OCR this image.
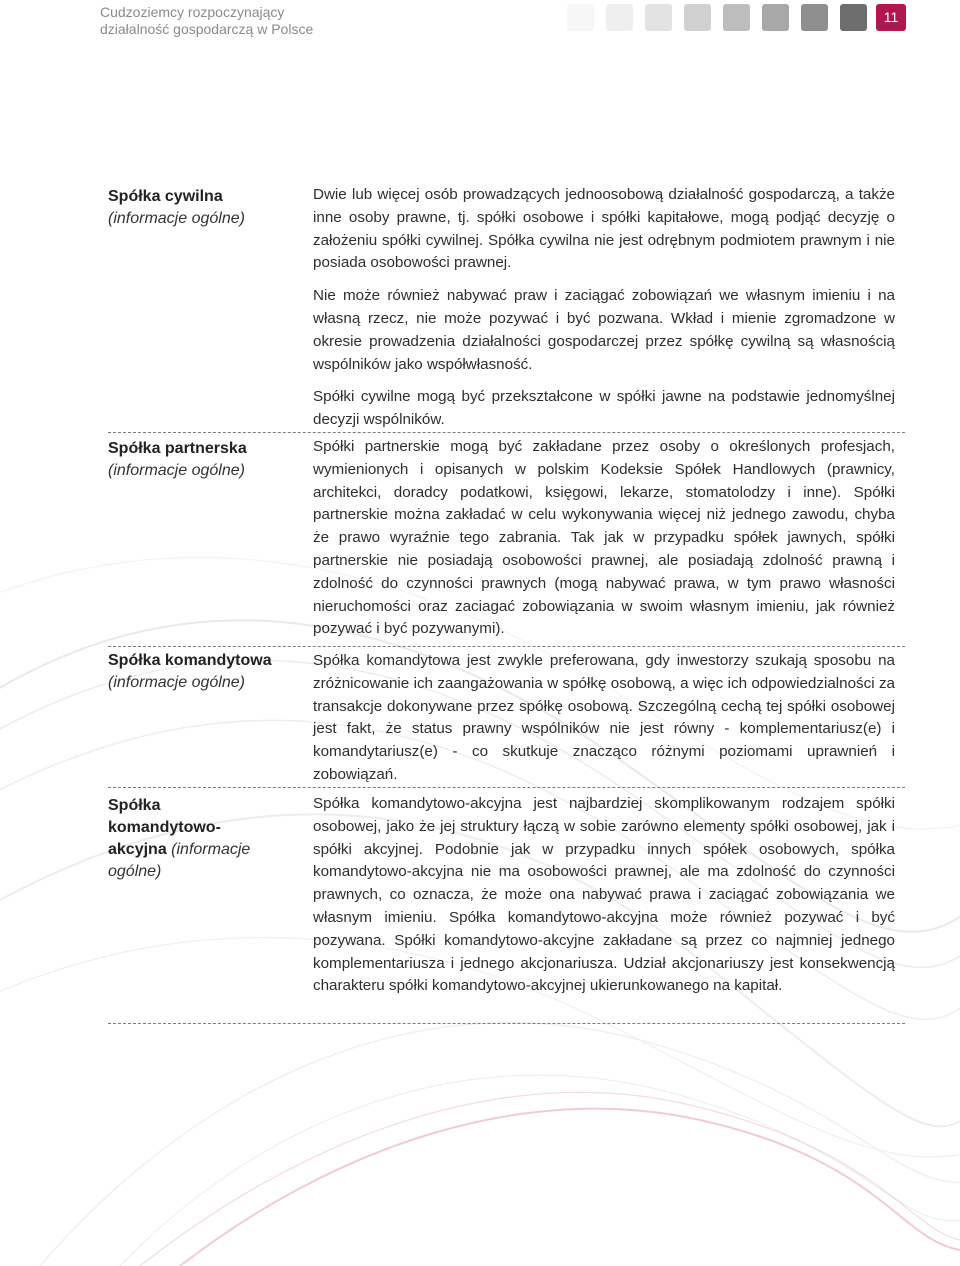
Cudzoziemcy rozpoczynający
działalność gospodarczą w Polsce
11
Spółka cywilna
(informacje ogólne)

Dwie lub więcej osób prowadzących jednoosobową działalność gospodarczą, a także inne osoby prawne, tj. spółki osobowe i spółki kapitałowe, mogą podjąć decyzję o założeniu spółki cywilnej. Spółka cywilna nie jest odrębnym podmiotem prawnym i nie posiada osobowości prawnej.

Nie może również nabywać praw i zaciągać zobowiązań we własnym imieniu i na własną rzecz, nie może pozywać i być pozwana. Wkład i mienie zgromadzone w okresie prowadzenia działalności gospodarczej przez spółkę cywilną są własnością wspólników jako współwłasność.

Spółki cywilne mogą być przekształcone w spółki jawne na podstawie jednomyślnej decyzji wspólników.

Spółka partnerska
(informacje ogólne)

Spółki partnerskie mogą być zakładane przez osoby o określonych profesjach, wymienionych i opisanych w polskim Kodeksie Spółek Handlowych (prawnicy, architekci, doradcy podatkowi, księgowi, lekarze, stomatolodzy i inne). Spółki partnerskie można zakładać w celu wykonywania więcej niż jednego zawodu, chyba że prawo wyraźnie tego zabrania. Tak jak w przypadku spółek jawnych, spółki partnerskie nie posiadają osobowości prawnej, ale posiadają zdolność prawną i zdolność do czynności prawnych (mogą nabywać prawa, w tym prawo własności nieruchomości oraz zaciagać zobowiązania w swoim własnym imieniu, jak również pozywać i być pozywanymi).

Spółka komandytowa
(informacje ogólne)

Spółka komandytowa jest zwykle preferowana, gdy inwestorzy szukają sposobu na zróżnicowanie ich zaangażowania w spółkę osobową, a więc ich odpowiedzialności za transakcje dokonywane przez spółkę osobową. Szczególną cechą tej spółki osobowej jest fakt, że status prawny wspólników nie jest równy - komplementariusz(e) i komandytariusz(e) - co skutkuje znacząco różnymi poziomami uprawnień i zobowiązań.

Spółka komandytowo-
akcyjna (informacje
ogólne)

Spółka komandytowo-akcyjna jest najbardziej skomplikowanym rodzajem spółki osobowej, jako że jej struktury łączą w sobie zarówno elementy spółki osobowej, jak i spółki akcyjnej. Podobnie jak w przypadku innych spółek osobowych, spółka komandytowo-akcyjna nie ma osobowości prawnej, ale ma zdolność do czynności prawnych, co oznacza, że może ona nabywać prawa i zaciągać zobowiązania we własnym imieniu. Spółka komandytowo-akcyjna może również pozywać i być pozywana. Spółki komandytowo-akcyjne zakładane są przez co najmniej jednego komplementariusza i jednego akcjonariusza. Udział akcjonariuszy jest konsekwencją charakteru spółki komandytowo-akcyjnej ukierunkowanego na kapitał.
